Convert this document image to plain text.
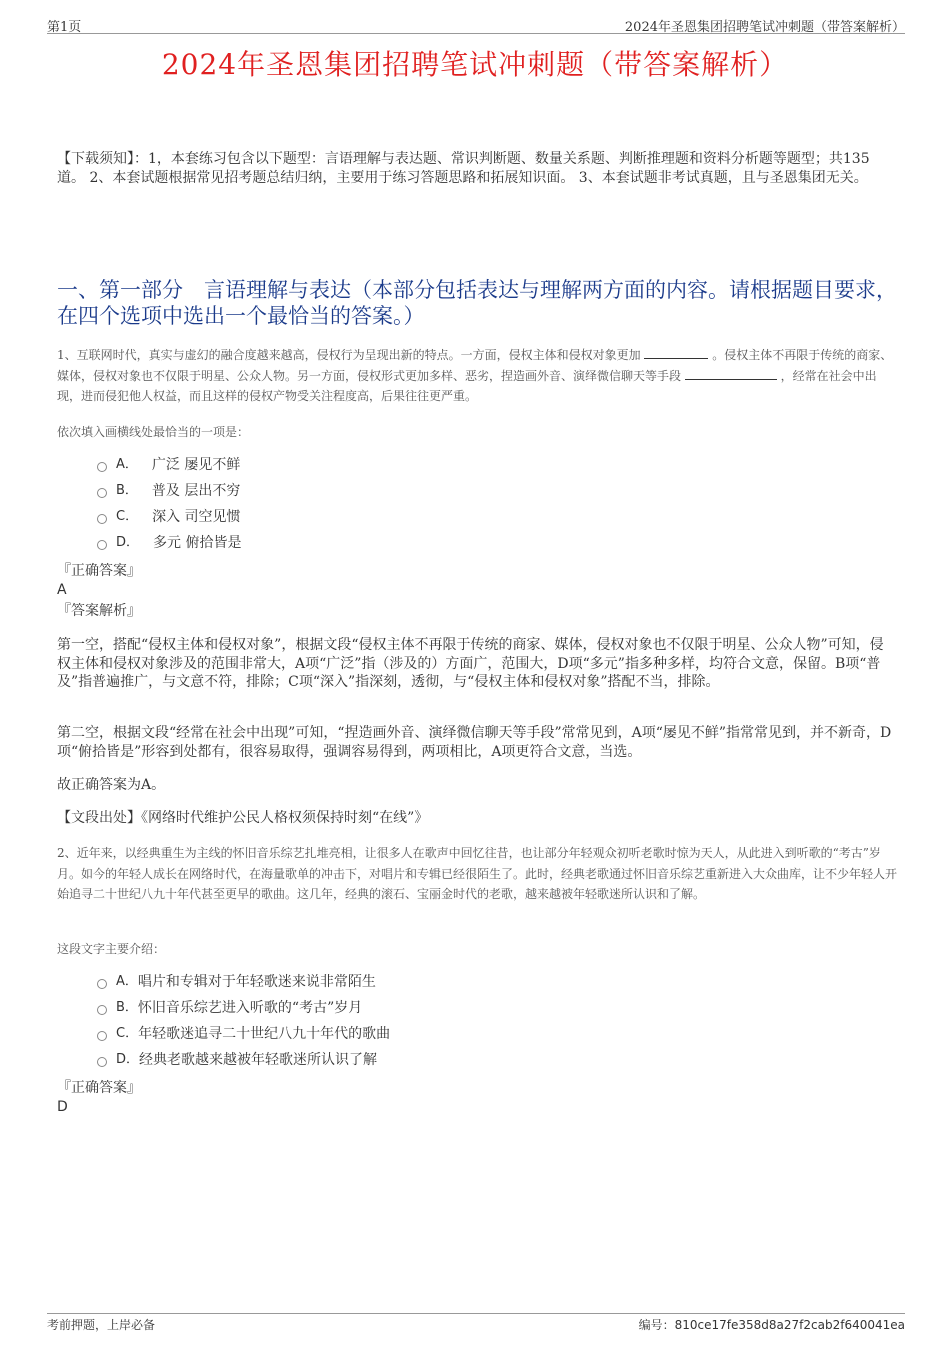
第1页	2024年圣恩集团招聘笔试冲刺题（带答案解析）
2024年圣恩集团招聘笔试冲刺题（带答案解析）
【下载须知】：1，本套练习包含以下题型：言语理解与表达题、常识判断题、数量关系题、判断推理题和资料分析题等题型；共135道。 2、本套试题根据常见招考题总结归纳，主要用于练习答题思路和拓展知识面。 3、本套试题非考试真题，且与圣恩集团无关。
一、第一部分　言语理解与表达（本部分包括表达与理解两方面的内容。请根据题目要求，在四个选项中选出一个最恰当的答案。）
1、互联网时代，真实与虚幻的融合度越来越高，侵权行为呈现出新的特点。一方面，侵权主体和侵权对象更加	。侵权主体不再限于传统的商家、媒体，侵权对象也不仅限于明星、公众人物。另一方面，侵权形式更加多样、恶劣，捏造画外音、演绎微信聊天等手段	，经常在社会中出现，进而侵犯他人权益，而且这样的侵权产物受关注程度高，后果往往更严重。
依次填入画横线处最恰当的一项是：
A． 广泛 屡见不鲜
B． 普及 层出不穷
C． 深入 司空见惯
D． 多元 俯拾皆是
『正确答案』
A
『答案解析』
第一空，搭配“侵权主体和侵权对象”，根据文段“侵权主体不再限于传统的商家、媒体，侵权对象也不仅限于明星、公众人物”可知，侵权主体和侵权对象涉及的范围非常大，A项“广泛”指（涉及的）方面广，范围大，D项“多元”指多种多样，均符合文意，保留。B项“普及”指普遍推广，与文意不符，排除；C项“深入”指深刻，透彻，与“侵权主体和侵权对象”搭配不当，排除。
第二空，根据文段“经常在社会中出现”可知，“捏造画外音、演绎微信聊天等手段”常常见到，A项“屡见不鲜”指常常见到，并不新奇，D项“俯拾皆是”形容到处都有，很容易取得，强调容易得到，两项相比，A项更符合文意，当选。
故正确答案为A。
【文段出处】《网络时代维护公民人格权须保持时刻“在线”》
2、近年来，以经典重生为主线的怀旧音乐综艺扎堆亮相，让很多人在歌声中回忆往昔，也让部分年轻观众初听老歌时惊为天人，从此进入到听歌的“考古”岁月。如今的年轻人成长在网络时代，在海量歌单的冲击下，对唱片和专辑已经很陌生了。此时，经典老歌通过怀旧音乐综艺重新进入大众曲库，让不少年轻人开始追寻二十世纪八九十年代甚至更早的歌曲。这几年，经典的滚石、宝丽金时代的老歌，越来越被年轻歌迷所认识和了解。
这段文字主要介绍：
A． 唱片和专辑对于年轻歌迷来说非常陌生
B． 怀旧音乐综艺进入听歌的“考古”岁月
C． 年轻歌迷追寻二十世纪八九十年代的歌曲
D． 经典老歌越来越被年轻歌迷所认识了解
『正确答案』
D
考前押题，上岸必备	编号：810ce17fe358d8a27f2cab2f640041ea
